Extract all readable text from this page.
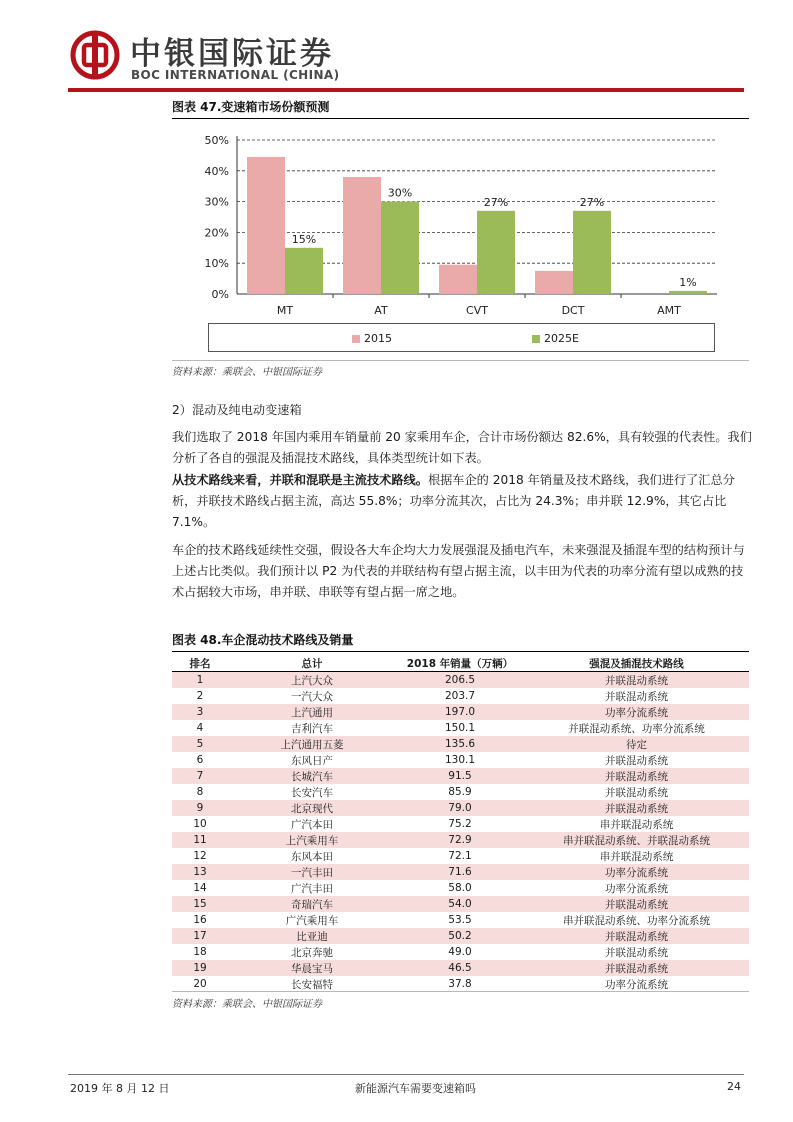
中银国际证券
BOC INTERNATIONAL (CHINA)
图表 47.变速箱市场份额预测
0%
10%
20%
30%
40%
50%
MT
15%
AT
30%
CVT
27%
DCT
27%
AMT
1%
2015	2025E
资料来源：乘联会、中银国际证券
2）混动及纯电动变速箱
我们选取了 2018 年国内乘用车销量前 20 家乘用车企，合计市场份额达 82.6%，具有较强的代表性。我们分析了各自的强混及插混技术路线，具体类型统计如下表。
从技术路线来看，并联和混联是主流技术路线。根据车企的 2018 年销量及技术路线，我们进行了汇总分析，并联技术路线占据主流，高达 55.8%；功率分流其次，占比为 24.3%；串并联 12.9%，其它占比 7.1%。
车企的技术路线延续性交强，假设各大车企均大力发展强混及插电汽车，未来强混及插混车型的结构预计与上述占比类似。我们预计以 P2 为代表的并联结构有望占据主流，以丰田为代表的功率分流有望以成熟的技术占据较大市场，串并联、串联等有望占据一席之地。
图表 48.车企混动技术路线及销量
排名	总计	2018 年销量（万辆）	强混及插混技术路线
1	上汽大众	206.5	并联混动系统
2	一汽大众	203.7	并联混动系统
3	上汽通用	197.0	功率分流系统
4	吉利汽车	150.1	并联混动系统、功率分流系统
5	上汽通用五菱	135.6	待定
6	东风日产	130.1	并联混动系统
7	长城汽车	91.5	并联混动系统
8	长安汽车	85.9	并联混动系统
9	北京现代	79.0	并联混动系统
10	广汽本田	75.2	串并联混动系统
11	上汽乘用车	72.9	串并联混动系统、并联混动系统
12	东风本田	72.1	串并联混动系统
13	一汽丰田	71.6	功率分流系统
14	广汽丰田	58.0	功率分流系统
15	奇瑞汽车	54.0	并联混动系统
16	广汽乘用车	53.5	串并联混动系统、功率分流系统
17	比亚迪	50.2	并联混动系统
18	北京奔驰	49.0	并联混动系统
19	华晨宝马	46.5	并联混动系统
20	长安福特	37.8	功率分流系统
资料来源：乘联会、中银国际证券
2019 年 8 月 12 日	新能源汽车需要变速箱吗	24
